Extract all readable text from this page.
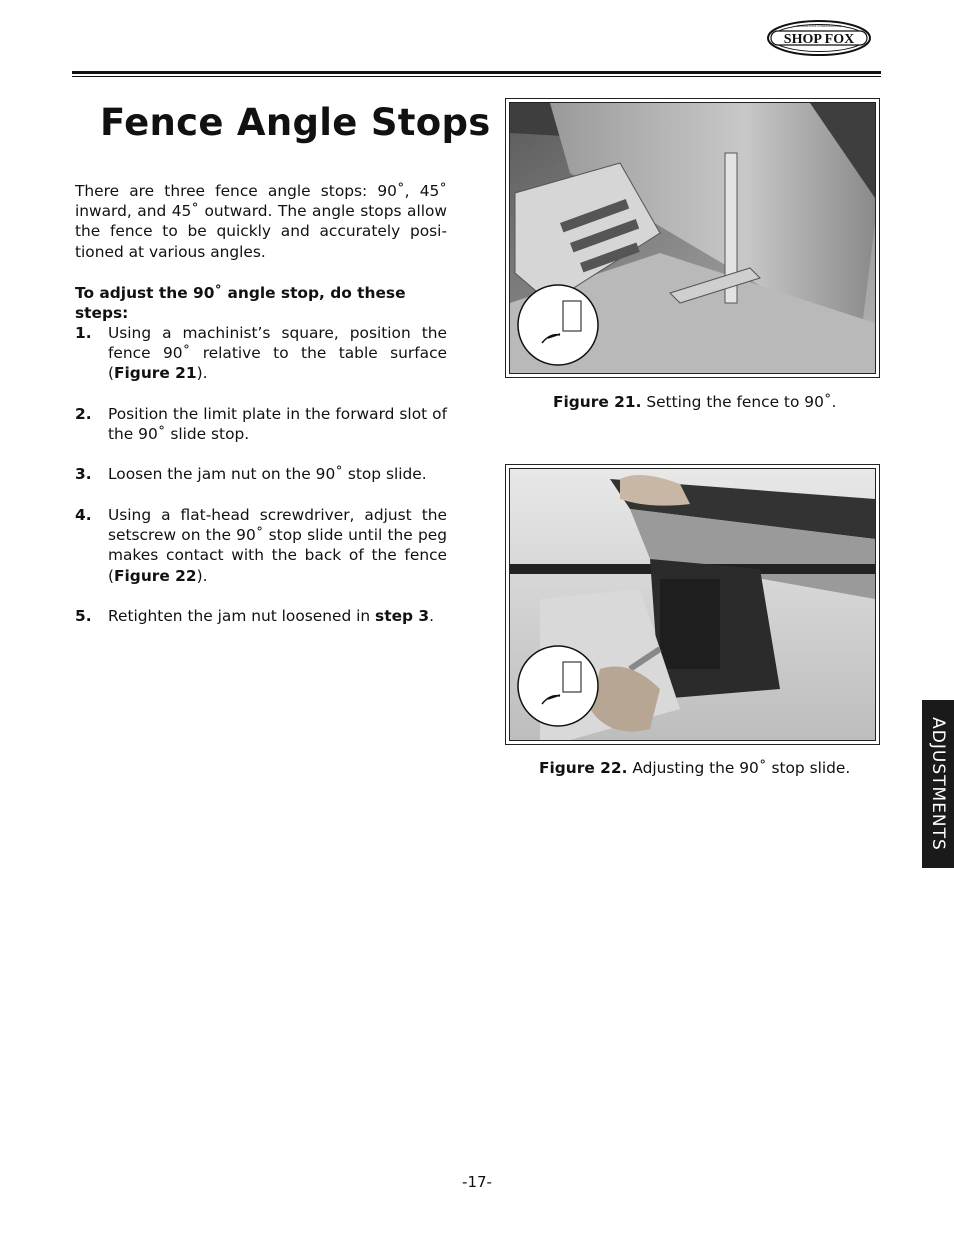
SHOP FOX
WOODSTOCK INTERNATIONAL
Fence Angle Stops
There are three fence angle stops: 90˚, 45˚ inward, and 45˚ outward. The angle stops allow the fence to be quickly and accurately positioned at various angles.
To adjust the 90˚ angle stop, do these steps:
1. Using a machinist’s square, position the fence 90˚ relative to the table surface (Figure 21).
2. Position the limit plate in the forward slot of the 90˚ slide stop.
3. Loosen the jam nut on the 90˚ stop slide.
4. Using a flat-head screwdriver, adjust the setscrew on the 90˚ stop slide until the peg makes contact with the back of the fence (Figure 22).
5. Retighten the jam nut loosened in step 3.
Figure 21. Setting the fence to 90˚.
Figure 22. Adjusting the 90˚ stop slide.	ADJUSTMENTS
-17-
